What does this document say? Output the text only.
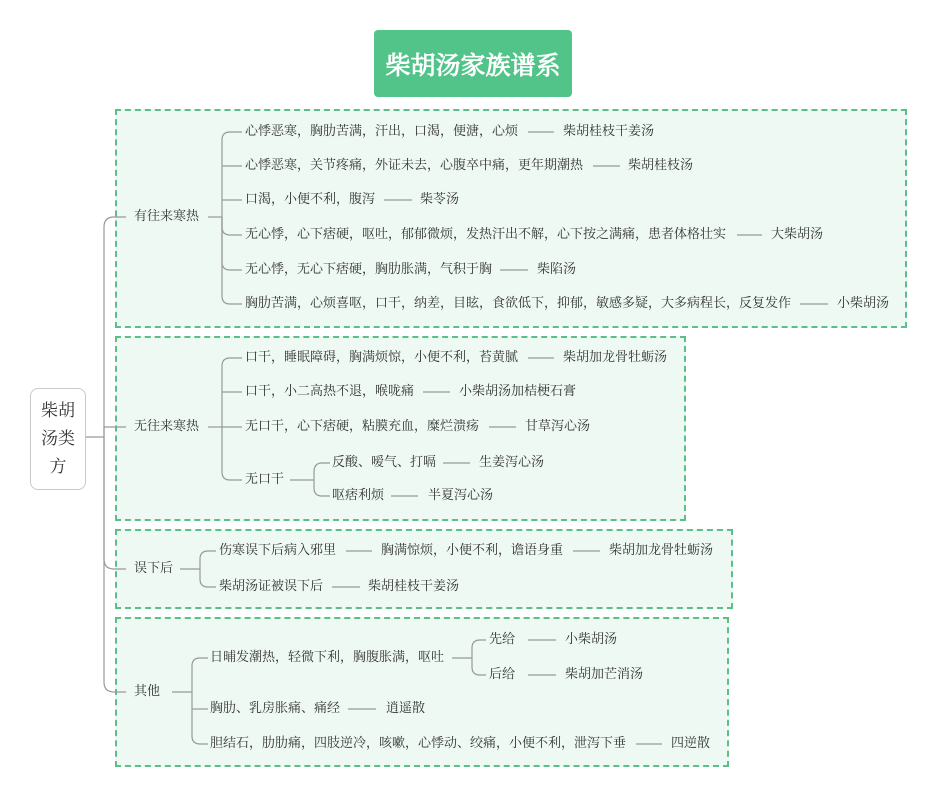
柴胡汤家族谱系
柴胡汤类方
有往来寒热
心悸恶寒，胸肋苦满，汗出，口渴，便溏，心烦	柴胡桂枝干姜汤
心悸恶寒，关节疼痛，外证未去，心腹卒中痛，更年期潮热	柴胡桂枝汤
口渴，小便不利，腹泻	柴苓汤
无心悸，心下痞硬，呕吐，郁郁微烦，发热汗出不解，心下按之满痛，患者体格壮实	大柴胡汤
无心悸，无心下痞硬，胸肋胀满，气积于胸	柴陷汤
胸肋苦满，心烦喜呕，口干，纳差，目眩，食欲低下，抑郁，敏感多疑，大多病程长，反复发作	小柴胡汤
无往来寒热
口干，睡眠障碍，胸满烦惊，小便不利，苔黄腻	柴胡加龙骨牡蛎汤
口干，小二高热不退，喉咙痛	小柴胡汤加桔梗石膏
无口干，心下痞硬，粘膜充血，糜烂溃疡	甘草泻心汤
无口干
反酸、嗳气、打嗝	生姜泻心汤
呕痞利烦	半夏泻心汤
误下后
伤寒误下后病入邪里	胸满惊烦，小便不利，谵语身重	柴胡加龙骨牡蛎汤
柴胡汤证被误下后	柴胡桂枝干姜汤
其他
日晡发潮热，轻微下利，胸腹胀满，呕吐
先给	小柴胡汤
后给	柴胡加芒消汤
胸肋、乳房胀痛、痛经	逍遥散
胆结石，肋肋痛，四肢逆冷，咳嗽，心悸动、绞痛，小便不利，泄泻下垂	四逆散
